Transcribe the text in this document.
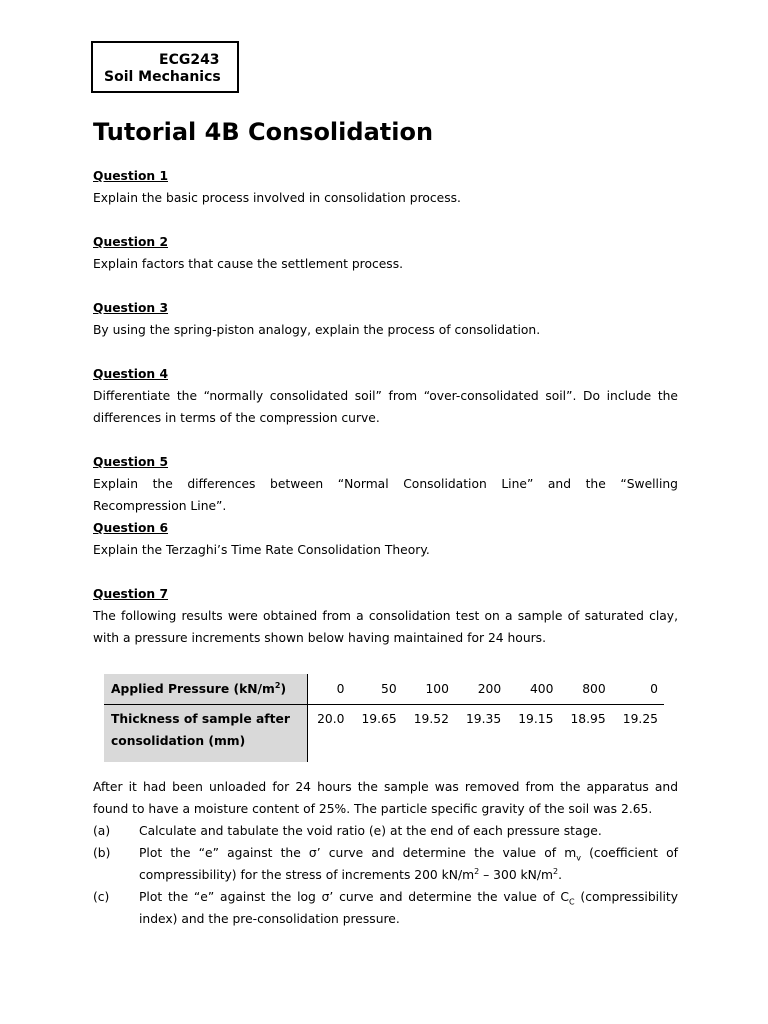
ECG243
Soil Mechanics
Tutorial 4B Consolidation

Question 1

Explain the basic process involved in consolidation process.

Question 2

Explain factors that cause the settlement process.

Question 3

By using the spring-piston analogy, explain the process of consolidation.

Question 4

Differentiate the “normally consolidated soil” from “over-consolidated soil”. Do include the differences in terms of the compression curve.

Question 5

Explain the differences between “Normal Consolidation Line” and the “Swelling Recompression Line”.

Question 6

Explain the Terzaghi’s Time Rate Consolidation Theory.

Question 7

The following results were obtained from a consolidation test on a sample of saturated clay, with a pressure increments shown below having maintained for 24 hours.

Applied Pressure $(kN/m^2)$	0	50	100	200	400	800	0
Thickness of sample after consolidation (mm)	20.0	19.65	19.52	19.35	19.15	18.95	19.25

After it had been unloaded for 24 hours the sample was removed from the apparatus and found to have a moisture content of 25%. The particle specific gravity of the soil was 2.65.

(a) Calculate and tabulate the void ratio (e) at the end of each pressure stage.
(b) Plot the “e” against the σ’ curve and determine the value of $m_v$ (coefficient of compressibility) for the stress of increments 200 $kN/m^2 - 300$ $kN/m^2$.
(c) Plot the “e” against the log σ’ curve and determine the value of $C_C$ (compressibility index) and the pre-consolidation pressure.
